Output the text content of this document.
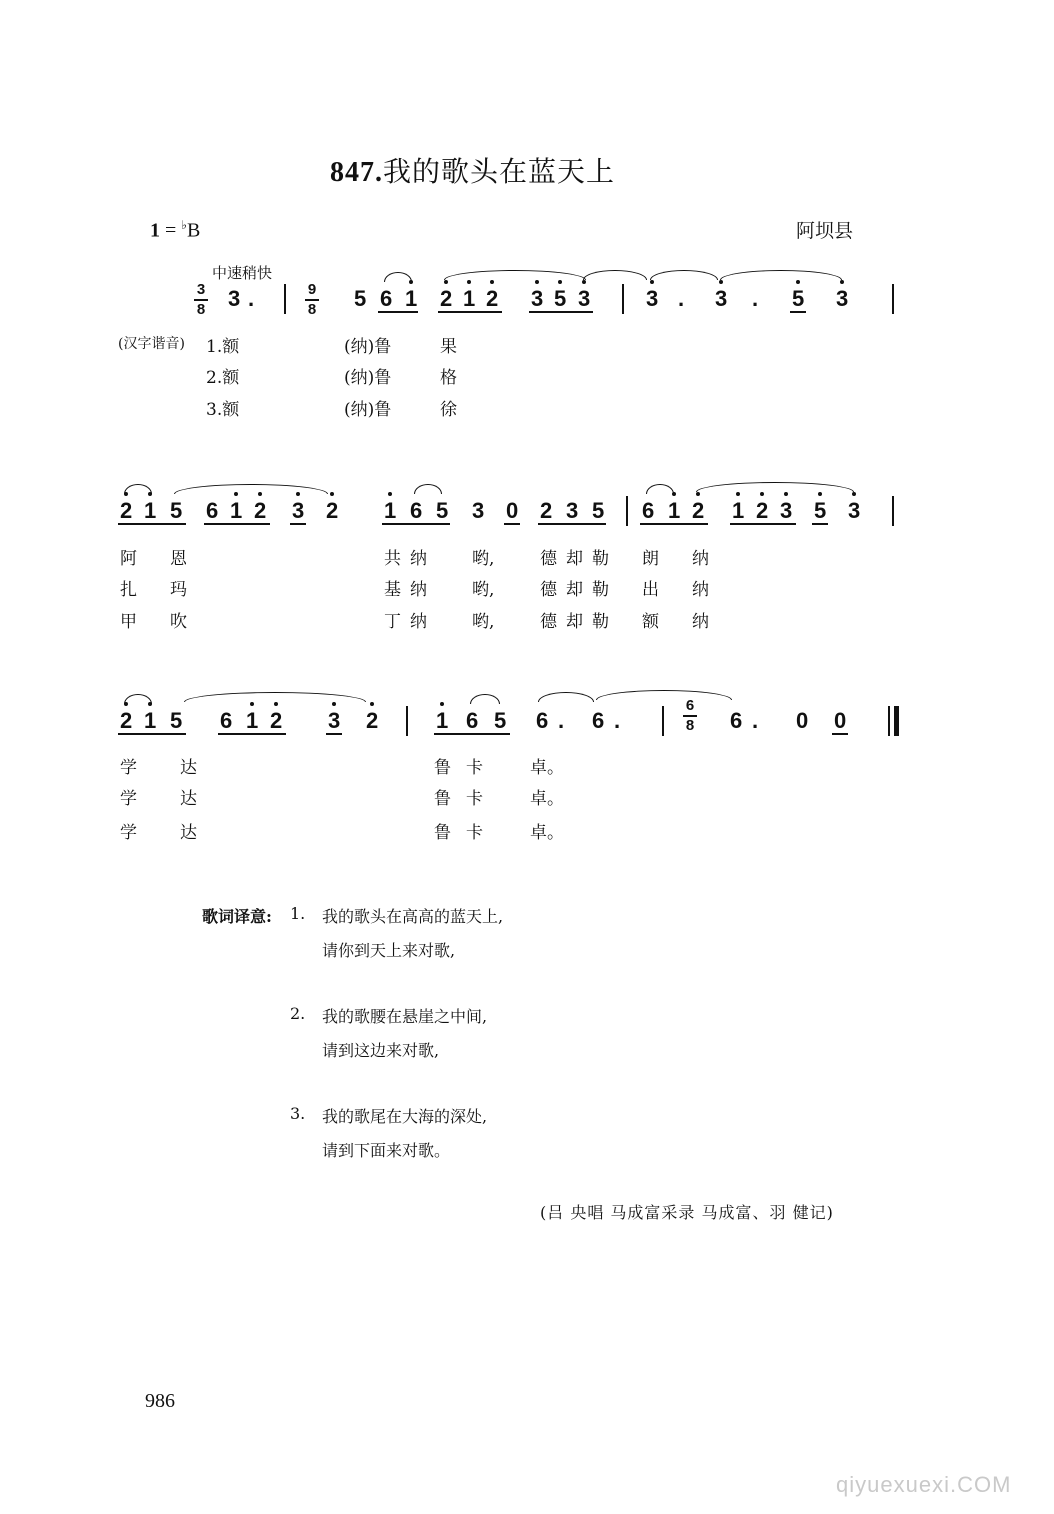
847.我的歌头在蓝天上
1 = ♭B	阿坝县
中速稍快
3
8 3 .	9
8 5 6 1 2 1 2 3 5 3	3 . 3 . 5 3
(汉字谐音) 1.额	(纳)鲁	果
2.额	(纳)鲁	格
3.额	(纳)鲁	徐
2 1 5 6 1 2 3 2 1 6 5 3 0 2 3 5 6 1 2 1 2 3 5 3
阿 恩	共 纳	哟,	德 却 勒 朗 纳
扎 玛	基 纳	哟,	德 却 勒 出 纳
甲 吹	丁 纳	哟,	德 却 勒 额 纳
2 1 5 6 1 2 3 2	1 6 5 6 . 6 .
6
8 6 . 0 0
学	达	鲁 卡	卓。
学	达	鲁 卡	卓。
学	达	鲁 卡	卓。
歌词译意: 1. 我的歌头在高高的蓝天上,
请你到天上来对歌,
2. 我的歌腰在悬崖之中间,
请到这边来对歌,
3. 我的歌尾在大海的深处,
请到下面来对歌。
(吕 央唱 马成富采录 马成富、羽 健记)
986
qiyuexuexi.COM
